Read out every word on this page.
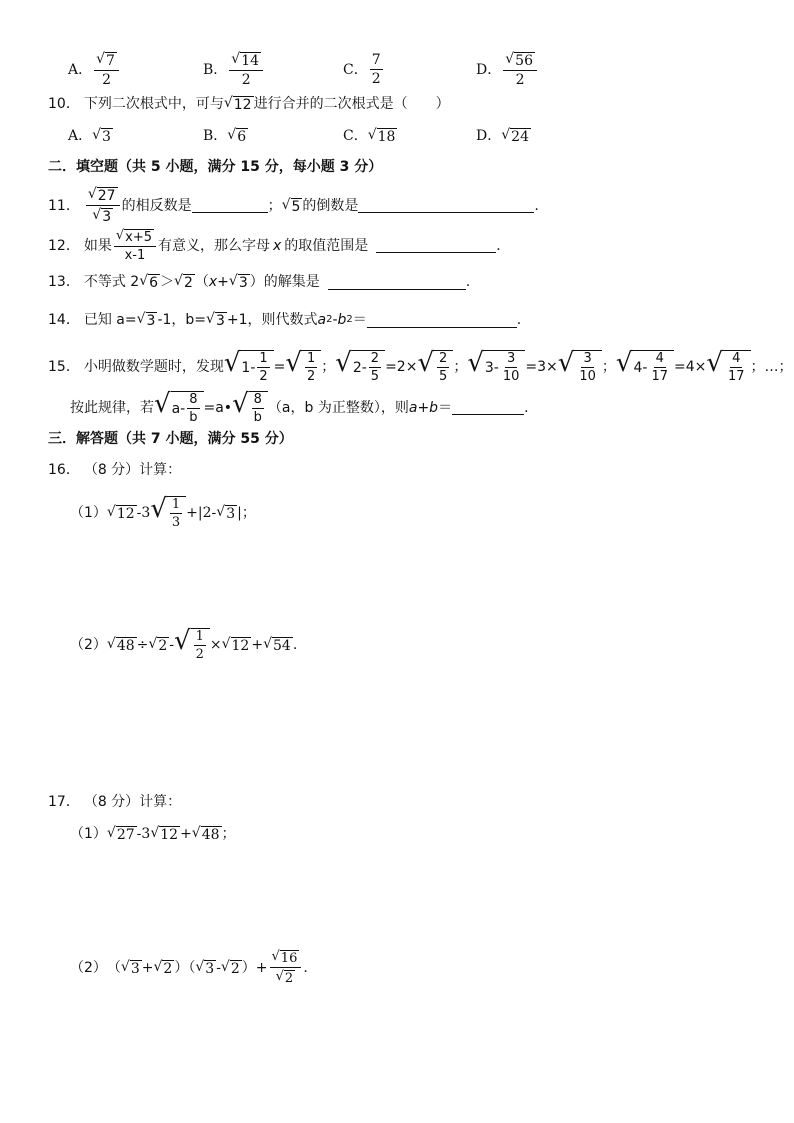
A． $\frac{√ 7}{2}$	B． $\frac{√ 14}{2}$	C． $\frac{7}{2}$	D． $\frac{√ 56}{2}$
10． 下列二次根式中，可与 √ 12 进行合并的二次根式是（　　）
A． √ 3	B． √ 6	C． √ 18	D． √ 24
二．填空题（共 5 小题，满分 15 分，每小题 3 分）
11． $\frac{√ 27}{√ 3}$ 的相反数是	； √ 5 的倒数是	.
12． 如果 $\frac{√ x+5}{x-1}$ 有意义，那么字母 x 的取值范围是	.
13． 不等式 2 √ 6 ＞ √ 2 （ x + √ 3 ） 的解集是	.
14． 已知 a= √ 3 -1，b= √ 3 +1，则代数式 a 2 - b 2 ＝	.
15． 小明做数学题时，发现 √ $1- \frac{1}{2}$ = √ $\frac{1}{2}$ ； √ $2- \frac{2}{5} =2\times$ √ $\frac{2}{5}$ ； √ $3- \frac{3}{10} =3\times$ √ $\frac{3}{10}$ ； √ $4- \frac{4}{17} =4\times$ √ $\frac{4}{17}$ ；…；
按此规律，若 √ $a- \frac{8}{b}$ =a• √ $\frac{8}{b} (a$，b 为正整数），则 a+b ＝	.
三．解答题（共 7 小题，满分 55 分）
16． （8 分）计算：
（1） √ 12 -3 √ $\frac{1}{3} +|2-$ √ 3 |；
（2） √ 48 ÷ √ 2 - √ $\frac{1}{2}$ × √ 12 + √ 54 .
17． （8 分）计算：
（1） √ 27 -3 √ 12 + √ 48 ；
（2） （ √ 3 + √ 2 ）（ √ 3 - √ 2 ）+ $\frac{√ 16}{√ 2}$ .
